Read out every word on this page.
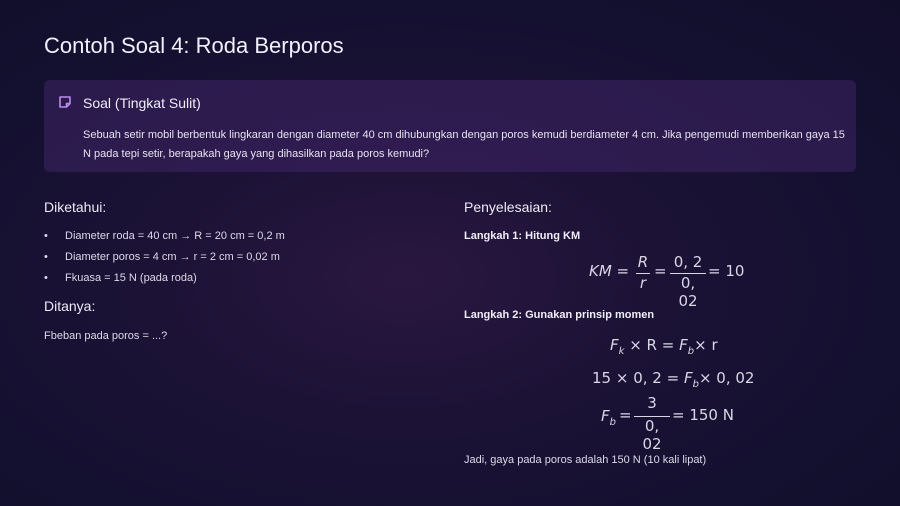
Contoh Soal 4: Roda Berporos
Soal (Tingkat Sulit)
Sebuah setir mobil berbentuk lingkaran dengan diameter 40 cm dihubungkan dengan poros kemudi berdiameter 4 cm. Jika pengemudi memberikan gaya 15 N pada tepi setir, berapakah gaya yang dihasilkan pada poros kemudi?
Diketahui:
• Diameter roda = 40 cm → R = 20 cm = 0,2 m
• Diameter poros = 4 cm → r = 2 cm = 0,02 m
• Fkuasa = 15 N (pada roda)
Ditanya:
Fbeban pada poros = ...?
Penyelesaian:
Langkah 1: Hitung KM
KM = R
r
= 0, 2
0, 02
= 10
Langkah 2: Gunakan prinsip momen
$F_k \times R = F_b\times r$
15 × 0, $2 = F_b\times 0$, 02
$F_b$ =
3
0, 02
= 150 N
Jadi, gaya pada poros adalah 150 N (10 kali lipat)
